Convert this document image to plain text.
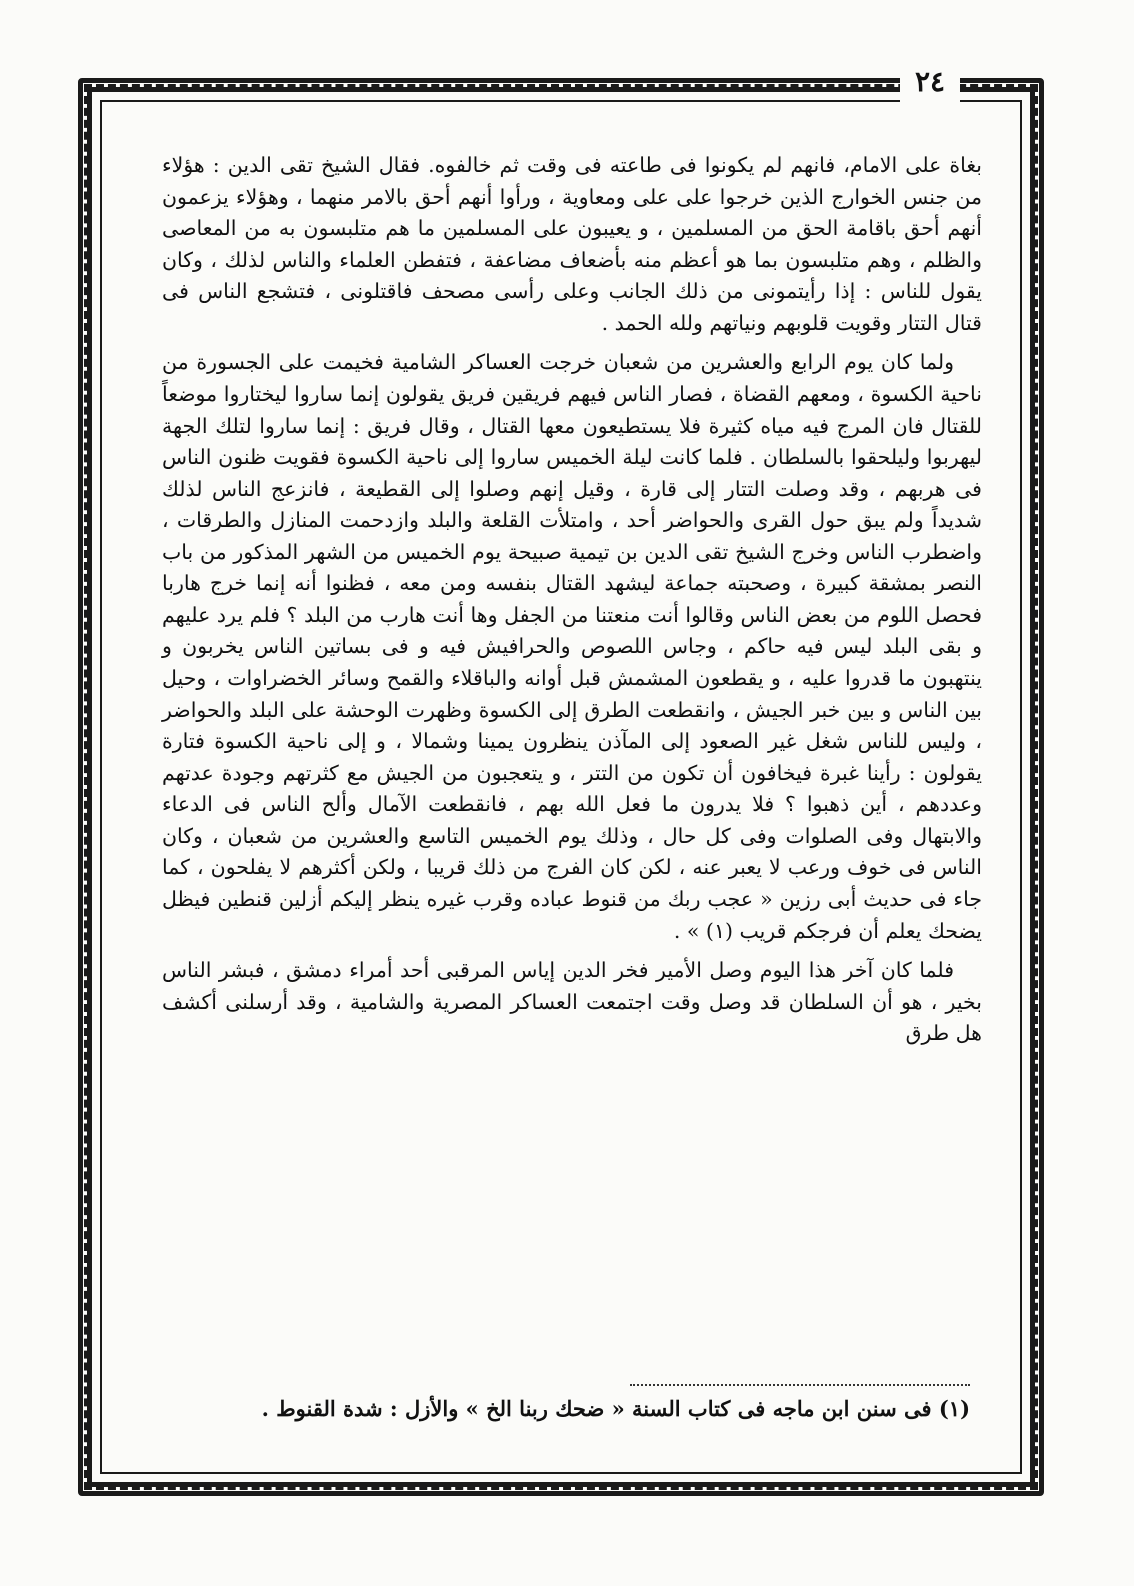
٢٤

بغاة على الامام، فانهم لم يكونوا فى طاعته فى وقت ثم خالفوه. فقال الشيخ تقى الدين : هؤلاء من جنس الخوارج الذين خرجوا على على ومعاوية ، ورأوا أنهم أحق بالامر منهما ، وهؤلاء يزعمون أنهم أحق باقامة الحق من المسلمين ، و يعيبون على المسلمين ما هم متلبسون به من المعاصى والظلم ، وهم متلبسون بما هو أعظم منه بأضعاف مضاعفة ، فتفطن العلماء والناس لذلك ، وكان يقول للناس : إذا رأيتمونى من ذلك الجانب وعلى رأسى مصحف فاقتلونى ، فتشجع الناس فى قتال التتار وقويت قلوبهم ونياتهم ولله الحمد .

ولما كان يوم الرابع والعشرين من شعبان خرجت العساكر الشامية فخيمت على الجسورة من ناحية الكسوة ، ومعهم القضاة ، فصار الناس فيهم فريقين فريق يقولون إنما ساروا ليختاروا موضعاً للقتال فان المرج فيه مياه كثيرة فلا يستطيعون معها القتال ، وقال فريق : إنما ساروا لتلك الجهة ليهربوا وليلحقوا بالسلطان . فلما كانت ليلة الخميس ساروا إلى ناحية الكسوة فقويت ظنون الناس فى هربهم ، وقد وصلت التتار إلى قارة ، وقيل إنهم وصلوا إلى القطيعة ، فانزعج الناس لذلك شديداً ولم يبق حول القرى والحواضر أحد ، وامتلأت القلعة والبلد وازدحمت المنازل والطرقات ، واضطرب الناس وخرج الشيخ تقى الدين بن تيمية صبيحة يوم الخميس من الشهر المذكور من باب النصر بمشقة كبيرة ، وصحبته جماعة ليشهد القتال بنفسه ومن معه ، فظنوا أنه إنما خرج هاربا فحصل اللوم من بعض الناس وقالوا أنت منعتنا من الجفل وها أنت هارب من البلد ؟ فلم يرد عليهم و بقى البلد ليس فيه حاكم ، وجاس اللصوص والحرافيش فيه و فى بساتين الناس يخربون و ينتهبون ما قدروا عليه ، و يقطعون المشمش قبل أوانه والباقلاء والقمح وسائر الخضراوات ، وحيل بين الناس و بين خبر الجيش ، وانقطعت الطرق إلى الكسوة وظهرت الوحشة على البلد والحواضر ، وليس للناس شغل غير الصعود إلى المآذن ينظرون يمينا وشمالا ، و إلى ناحية الكسوة فتارة يقولون : رأينا غبرة فيخافون أن تكون من التتر ، و يتعجبون من الجيش مع كثرتهم وجودة عدتهم وعددهم ، أين ذهبوا ؟ فلا يدرون ما فعل الله بهم ، فانقطعت الآمال وألح الناس فى الدعاء والابتهال وفى الصلوات وفى كل حال ، وذلك يوم الخميس التاسع والعشرين من شعبان ، وكان الناس فى خوف ورعب لا يعبر عنه ، لكن كان الفرج من ذلك قريبا ، ولكن أكثرهم لا يفلحون ، كما جاء فى حديث أبى رزين « عجب ربك من قنوط عباده وقرب غيره ينظر إليكم أزلين قنطين فيظل يضحك يعلم أن فرجكم قريب (١) » .

فلما كان آخر هذا اليوم وصل الأمير فخر الدين إياس المرقبى أحد أمراء دمشق ، فبشر الناس بخير ، هو أن السلطان قد وصل وقت اجتمعت العساكر المصرية والشامية ، وقد أرسلنى أكشف هل طرق

(١) فى سنن ابن ماجه فى كتاب السنة « ضحك ربنا الخ » والأزل : شدة القنوط .
